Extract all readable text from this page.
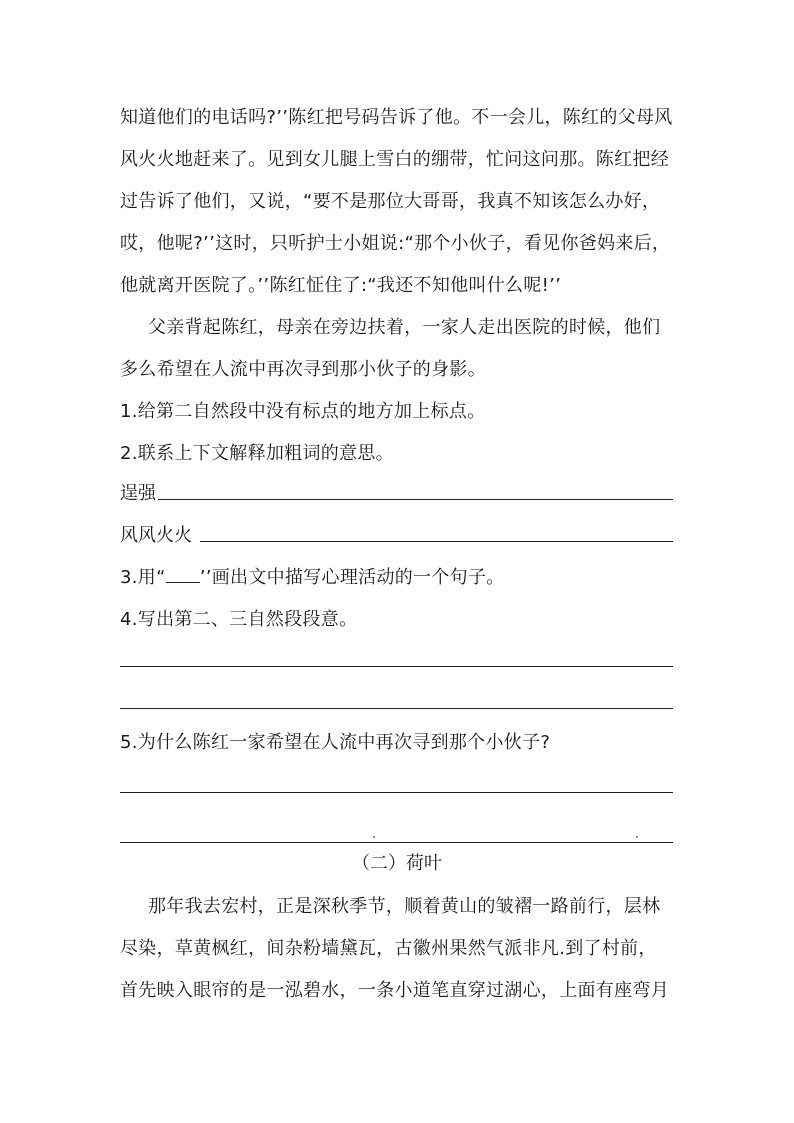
知道他们的电话吗?’’陈红把号码告诉了他。不一会儿，陈红的父母风
风火火地赶来了。见到女儿腿上雪白的绷带，忙问这问那。陈红把经
过告诉了他们，又说，“要不是那位大哥哥，我真不知该怎么办好，
哎，他呢?’’这时，只听护士小姐说:“那个小伙子，看见你爸妈来后，
他就离开医院了。’’陈红怔住了:“我还不知他叫什么呢!’’
父亲背起陈红，母亲在旁边扶着，一家人走出医院的时候，他们
多么希望在人流中再次寻到那小伙子的身影。
1.给第二自然段中没有标点的地方加上标点。
2.联系上下文解释加粗词的意思。
逞强
风风火火
3.用“ ’’画出文中描写心理活动的一个句子。
4.写出第二、三自然段段意。
5.为什么陈红一家希望在人流中再次寻到那个小伙子?
（二）荷叶
那年我去宏村，正是深秋季节，顺着黄山的皱褶一路前行，层林
尽染，草黄枫红，间杂粉墙黛瓦，古徽州果然气派非凡.到了村前，
首先映入眼帘的是一泓碧水，一条小道笔直穿过湖心，上面有座弯月
